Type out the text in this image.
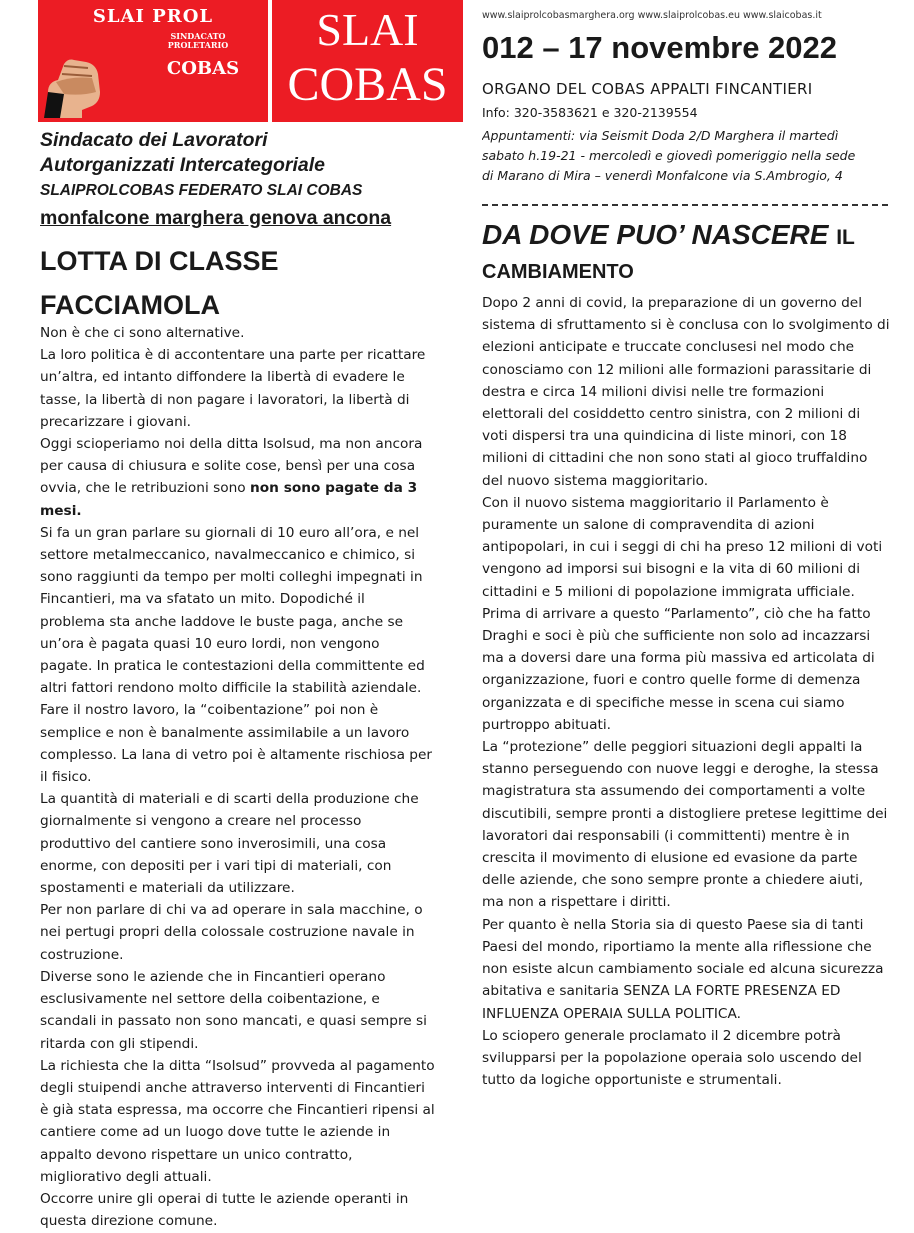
SLAI PROL
SINDACATO
PROLETARIO
COBAS
SLAI
COBAS
www.slaiprolcobasmarghera.org www.slaiprolcobas.eu www.slaicobas.it
012 – 17 novembre 2022
ORGANO DEL COBAS APPALTI FINCANTIERI
Info: 320-3583621 e 320-2139554
Appuntamenti: via Seismit Doda 2/D Marghera il martedì
sabato h.19-21 - mercoledì e giovedì pomeriggio nella sede
di Marano di Mira – venerdì Monfalcone via S.Ambrogio, 4
Sindacato dei Lavoratori
Autorganizzati Intercategoriale
SLAIPROLCOBAS FEDERATO SLAI COBAS
monfalcone marghera genova ancona
LOTTA DI CLASSE
FACCIAMOLA
DA DOVE PUO’ NASCERE IL
CAMBIAMENTO
Non è che ci sono alternative.
La loro politica è di accontentare una parte per ricattare
un’altra, ed intanto diffondere la libertà di evadere le
tasse, la libertà di non pagare i lavoratori, la libertà di
precarizzare i giovani.
Oggi scioperiamo noi della ditta Isolsud, ma non ancora
per causa di chiusura e solite cose, bensì per una cosa
ovvia, che le retribuzioni sono non sono pagate da 3
mesi.
Si fa un gran parlare su giornali di 10 euro all’ora, e nel
settore metalmeccanico, navalmeccanico e chimico, si
sono raggiunti da tempo per molti colleghi impegnati in
Fincantieri, ma va sfatato un mito. Dopodiché il
problema sta anche laddove le buste paga, anche se
un’ora è pagata quasi 10 euro lordi, non vengono
pagate. In pratica le contestazioni della committente ed
altri fattori rendono molto difficile la stabilità aziendale.
Fare il nostro lavoro, la “coibentazione” poi non è
semplice e non è banalmente assimilabile a un lavoro
complesso. La lana di vetro poi è altamente rischiosa per
il fisico.
La quantità di materiali e di scarti della produzione che
giornalmente si vengono a creare nel processo
produttivo del cantiere sono inverosimili, una cosa
enorme, con depositi per i vari tipi di materiali, con
spostamenti e materiali da utilizzare.
Per non parlare di chi va ad operare in sala macchine, o
nei pertugi propri della colossale costruzione navale in
costruzione.
Diverse sono le aziende che in Fincantieri operano
esclusivamente nel settore della coibentazione, e
scandali in passato non sono mancati, e quasi sempre si
ritarda con gli stipendi.
La richiesta che la ditta “Isolsud” provveda al pagamento
degli stuipendi anche attraverso interventi di Fincantieri
è già stata espressa, ma occorre che Fincantieri ripensi al
cantiere come ad un luogo dove tutte le aziende in
appalto devono rispettare un unico contratto,
migliorativo degli attuali.
Occorre unire gli operai di tutte le aziende operanti in
questa direzione comune.
Dopo 2 anni di covid, la preparazione di un governo del
sistema di sfruttamento si è conclusa con lo svolgimento di
elezioni anticipate e truccate conclusesi nel modo che
conosciamo con 12 milioni alle formazioni parassitarie di
destra e circa 14 milioni divisi nelle tre formazioni
elettorali del cosiddetto centro sinistra, con 2 milioni di
voti dispersi tra una quindicina di liste minori, con 18
milioni di cittadini che non sono stati al gioco truffaldino
del nuovo sistema maggioritario.
Con il nuovo sistema maggioritario il Parlamento è
puramente un salone di compravendita di azioni
antipopolari, in cui i seggi di chi ha preso 12 milioni di voti
vengono ad imporsi sui bisogni e la vita di 60 milioni di
cittadini e 5 milioni di popolazione immigrata ufficiale.
Prima di arrivare a questo “Parlamento”, ciò che ha fatto
Draghi e soci è più che sufficiente non solo ad incazzarsi
ma a doversi dare una forma più massiva ed articolata di
organizzazione, fuori e contro quelle forme di demenza
organizzata e di specifiche messe in scena cui siamo
purtroppo abituati.
La “protezione” delle peggiori situazioni degli appalti la
stanno perseguendo con nuove leggi e deroghe, la stessa
magistratura sta assumendo dei comportamenti a volte
discutibili, sempre pronti a distogliere pretese legittime dei
lavoratori dai responsabili (i committenti) mentre è in
crescita il movimento di elusione ed evasione da parte
delle aziende, che sono sempre pronte a chiedere aiuti,
ma non a rispettare i diritti.
Per quanto è nella Storia sia di questo Paese sia di tanti
Paesi del mondo, riportiamo la mente alla riflessione che
non esiste alcun cambiamento sociale ed alcuna sicurezza
abitativa e sanitaria SENZA LA FORTE PRESENZA ED
INFLUENZA OPERAIA SULLA POLITICA.
Lo sciopero generale proclamato il 2 dicembre potrà
svilupparsi per la popolazione operaia solo uscendo del
tutto da logiche opportuniste e strumentali.
